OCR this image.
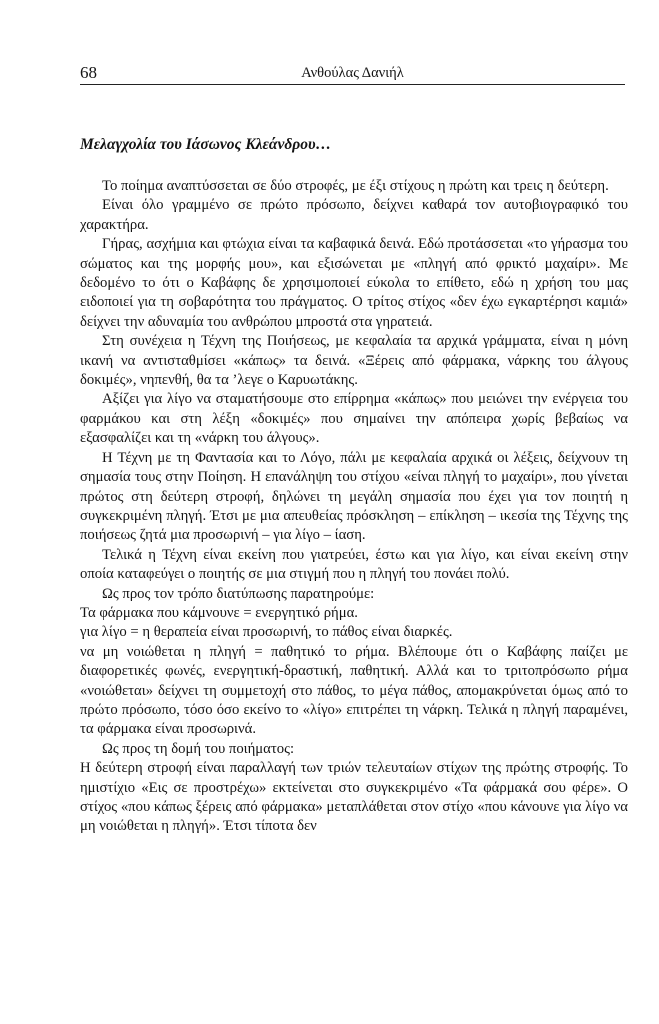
68	Ανθούλας Δανιήλ
Μελαγχολία του Ιάσωνος Κλεάνδρου…

Το ποίημα αναπτύσσεται σε δύο στροφές, με έξι στίχους η πρώτη και τρεις η δεύτερη.

Είναι όλο γραμμένο σε πρώτο πρόσωπο, δείχνει καθαρά τον αυτοβιογραφικό του χαρακτήρα.

Γήρας, ασχήμια και φτώχια είναι τα καβαφικά δεινά. Εδώ προτάσσεται «το γήρασμα του σώματος και της μορφής μου», και εξισώνεται με «πληγή από φρικτό μαχαίρι». Με δεδομένο το ότι ο Καβάφης δε χρησιμοποιεί εύκολα το επίθετο, εδώ η χρήση του μας ειδοποιεί για τη σοβαρότητα του πράγματος. Ο τρίτος στίχος «δεν έχω εγκαρτέρησι καμιά» δείχνει την αδυναμία του ανθρώπου μπροστά στα γηρατειά.

Στη συνέχεια η Τέχνη της Ποιήσεως, με κεφαλαία τα αρχικά γράμματα, είναι η μόνη ικανή να αντισταθμίσει «κάπως» τα δεινά. «Ξέρεις από φάρμακα, νάρκης του άλγους δοκιμές», νηπενθή, θα τα ’λεγε ο Καρυωτάκης.

Αξίζει για λίγο να σταματήσουμε στο επίρρημα «κάπως» που μειώνει την ενέργεια του φαρμάκου και στη λέξη «δοκιμές» που σημαίνει την απόπειρα χωρίς βεβαίως να εξασφαλίζει και τη «νάρκη του άλγους».

Η Τέχνη με τη Φαντασία και το Λόγο, πάλι με κεφαλαία αρχικά οι λέξεις, δείχνουν τη σημασία τους στην Ποίηση. Η επανάληψη του στίχου «είναι πληγή το μαχαίρι», που γίνεται πρώτος στη δεύτερη στροφή, δηλώνει τη μεγάλη σημασία που έχει για τον ποιητή η συγκεκριμένη πληγή. Έτσι με μια απευθείας πρόσκληση – επίκληση – ικεσία της Τέχνης της ποιήσεως ζητά μια προσωρινή – για λίγο – ίαση.

Τελικά η Τέχνη είναι εκείνη που γιατρεύει, έστω και για λίγο, και είναι εκείνη στην οποία καταφεύγει ο ποιητής σε μια στιγμή που η πληγή του πονάει πολύ.

Ως προς τον τρόπο διατύπωσης παρατηρούμε:

Τα φάρμακα που κάμνουνε = ενεργητικό ρήμα.
για λίγο = η θεραπεία είναι προσωρινή, το πάθος είναι διαρκές.

να μη νοιώθεται η πληγή = παθητικό το ρήμα. Βλέπουμε ότι ο Καβάφης παίζει με διαφορετικές φωνές, ενεργητική-δραστική, παθητική. Αλλά και το τριτοπρόσωπο ρήμα «νοιώθεται» δείχνει τη συμμετοχή στο πάθος, το μέγα πάθος, απομακρύνεται όμως από το πρώτο πρόσωπο, τόσο όσο εκείνο το «λίγο» επιτρέπει τη νάρκη. Τελικά η πληγή παραμένει, τα φάρμακα είναι προσωρινά.

Ως προς τη δομή του ποιήματος:

Η δεύτερη στροφή είναι παραλλαγή των τριών τελευταίων στίχων της πρώτης στροφής. Το ημιστίχιο «Εις σε προστρέχω» εκτείνεται στο συγκεκριμένο «Τα φάρμακά σου φέρε». Ο στίχος «που κάπως ξέρεις από φάρμακα» μεταπλάθεται στον στίχο «που κάνουνε για λίγο να μη νοιώθεται η πληγή». Έτσι τίποτα δεν
